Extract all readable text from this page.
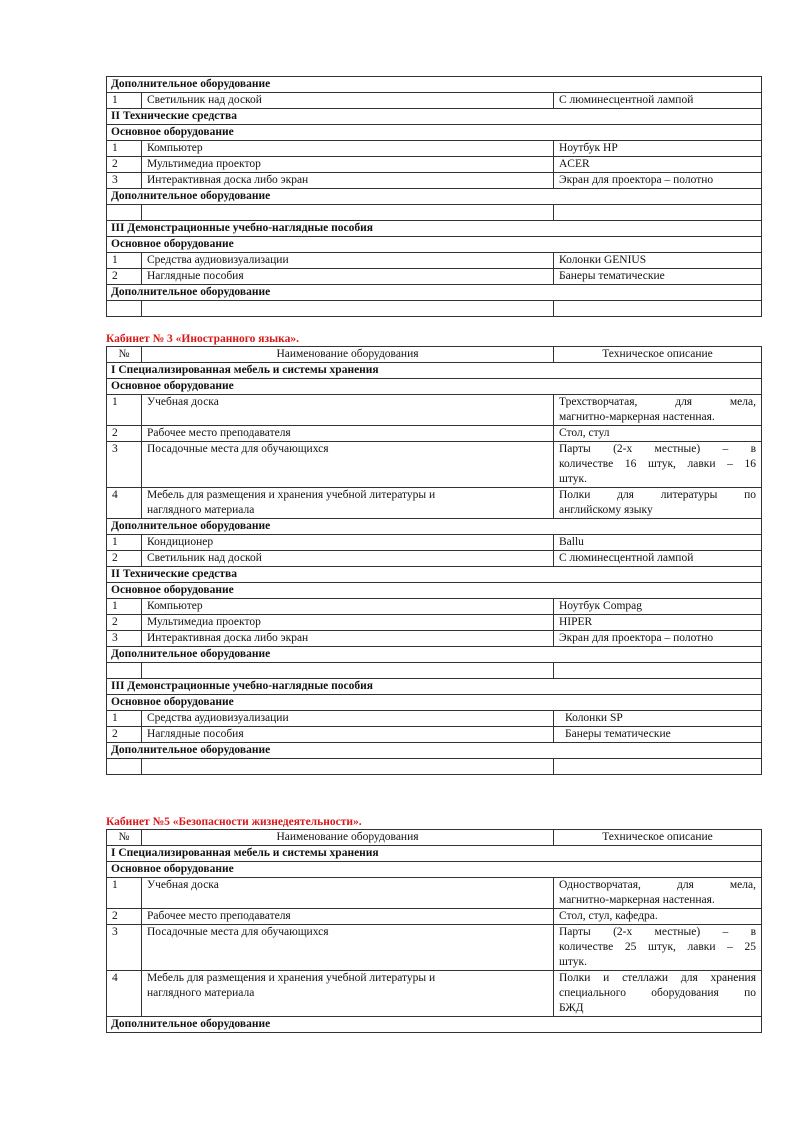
Дополнительное оборудование		
1	Светильник над доской	С люминесцентной лампой
II Технические средства		
Основное оборудование		
1	Компьютер	Ноутбук HP
2	Мультимедиа проектор	ACER
3	Интерактивная доска либо экран	Экран для проектора – полотно
Дополнительное оборудование		

III Демонстрационные учебно-наглядные пособия		
Основное оборудование		
1	Средства аудиовизуализации	Колонки GENIUS
2	Наглядные пособия	Банеры тематические
Дополнительное оборудование		

Кабинет № 3 «Иностранного языка».
№	Наименование оборудования	Техническое описание
I Специализированная мебель и системы хранения		
Основное оборудование		
1	Учебная доска	Трехстворчатая, для мела,
магнитно-маркерная настенная.

2	Рабочее место преподавателя	Стол, стул
3	Посадочные места для обучающихся	Парты (2-х местные) – в
количестве 16 штук, лавки – 16
штук.

4	Мебель для размещения и хранения учебной литературы и
наглядного материала	Полки для литературы по
английскому языку

Дополнительное оборудование		
1	Кондиционер	Ballu
2	Светильник над доской	С люминесцентной лампой
II Технические средства		
Основное оборудование		
1	Компьютер	Ноутбук Compag
2	Мультимедиа проектор	HIPER
3	Интерактивная доска либо экран	Экран для проектора – полотно
Дополнительное оборудование		

III Демонстрационные учебно-наглядные пособия		
Основное оборудование		
1	Средства аудиовизуализации	Колонки SP
2	Наглядные пособия	Банеры тематические
Дополнительное оборудование		

Кабинет №5 «Безопасности жизнедеятельности».
№	Наименование оборудования	Техническое описание
I Специализированная мебель и системы хранения		
Основное оборудование		
1	Учебная доска	Одностворчатая, для мела,
магнитно-маркерная настенная.

2	Рабочее место преподавателя	Стол, стул, кафедра.
3	Посадочные места для обучающихся	Парты (2-х местные) – в
количестве 25 штук, лавки – 25
штук.

4	Мебель для размещения и хранения учебной литературы и
наглядного материала	Полки и стеллажи для хранения
специального оборудования по
БЖД

Дополнительное оборудование		
